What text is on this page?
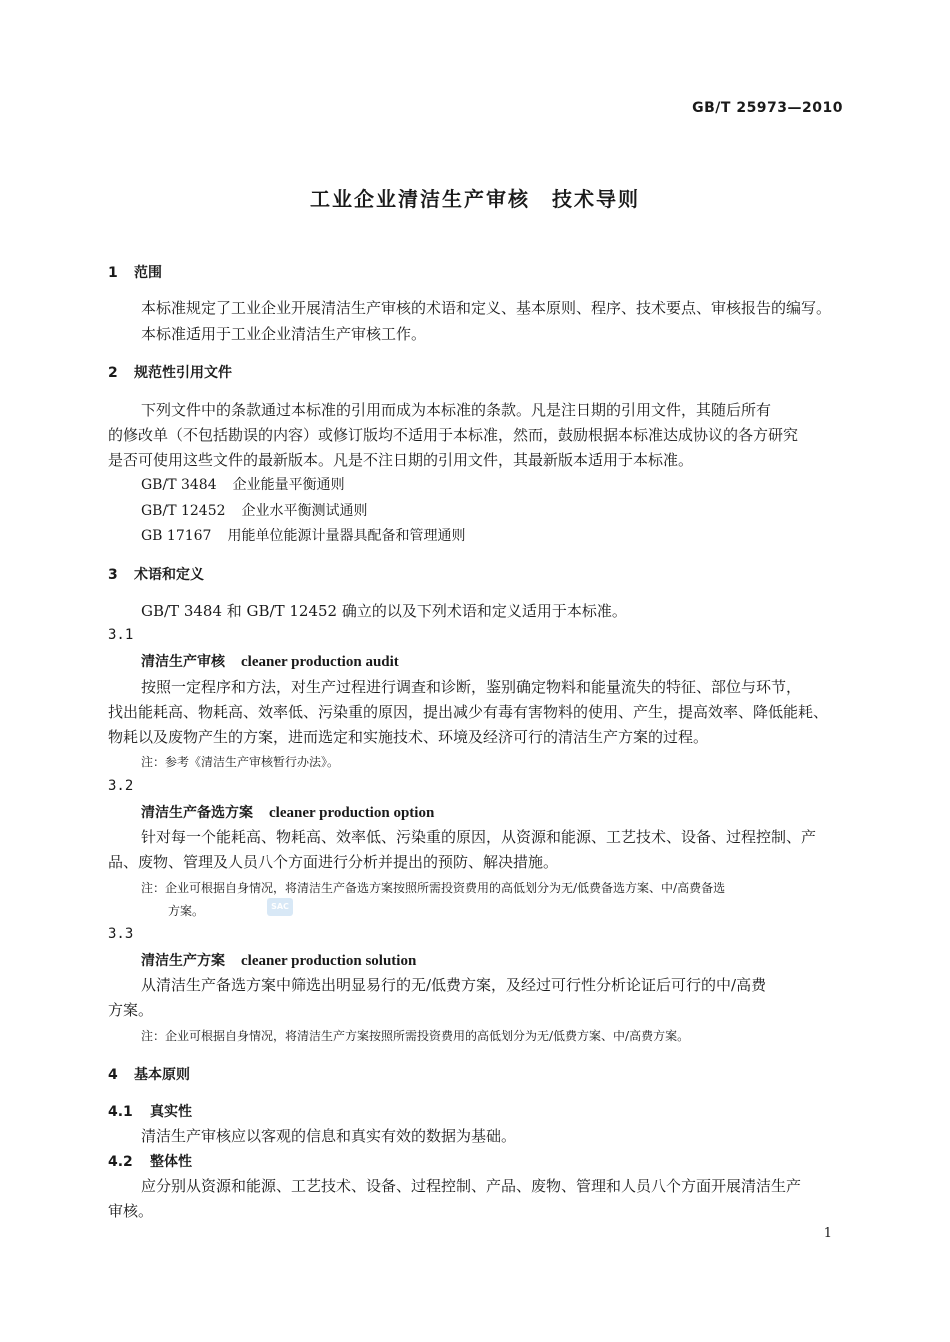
GB/T 25973—2010
工业企业清洁生产审核　技术导则
1 范围
本标准规定了工业企业开展清洁生产审核的术语和定义、基本原则、程序、技术要点、审核报告的编写。
本标准适用于工业企业清洁生产审核工作。
2 规范性引用文件
下列文件中的条款通过本标准的引用而成为本标准的条款。凡是注日期的引用文件，其随后所有
的修改单（不包括勘误的内容）或修订版均不适用于本标准，然而，鼓励根据本标准达成协议的各方研究
是否可使用这些文件的最新版本。凡是不注日期的引用文件，其最新版本适用于本标准。
GB/T 3484 企业能量平衡通则
GB/T 12452 企业水平衡测试通则
GB 17167 用能单位能源计量器具配备和管理通则
3 术语和定义
GB/T 3484 和 GB/T 12452 确立的以及下列术语和定义适用于本标准。
3.1
清洁生产审核 cleaner production audit
按照一定程序和方法，对生产过程进行调查和诊断，鉴别确定物料和能量流失的特征、部位与环节，
找出能耗高、物耗高、效率低、污染重的原因，提出减少有毒有害物料的使用、产生，提高效率、降低能耗、
物耗以及废物产生的方案，进而选定和实施技术、环境及经济可行的清洁生产方案的过程。
注：参考《清洁生产审核暂行办法》。
3.2
清洁生产备选方案 cleaner production option
针对每一个能耗高、物耗高、效率低、污染重的原因，从资源和能源、工艺技术、设备、过程控制、产
品、废物、管理及人员八个方面进行分析并提出的预防、解决措施。
注：企业可根据自身情况，将清洁生产备选方案按照所需投资费用的高低划分为无/低费备选方案、中/高费备选
方案。	SAC
3.3
清洁生产方案 cleaner production solution
从清洁生产备选方案中筛选出明显易行的无/低费方案，及经过可行性分析论证后可行的中/高费
方案。
注：企业可根据自身情况，将清洁生产方案按照所需投资费用的高低划分为无/低费方案、中/高费方案。
4 基本原则
4.1 真实性
清洁生产审核应以客观的信息和真实有效的数据为基础。
4.2 整体性
应分别从资源和能源、工艺技术、设备、过程控制、产品、废物、管理和人员八个方面开展清洁生产
审核。
1
